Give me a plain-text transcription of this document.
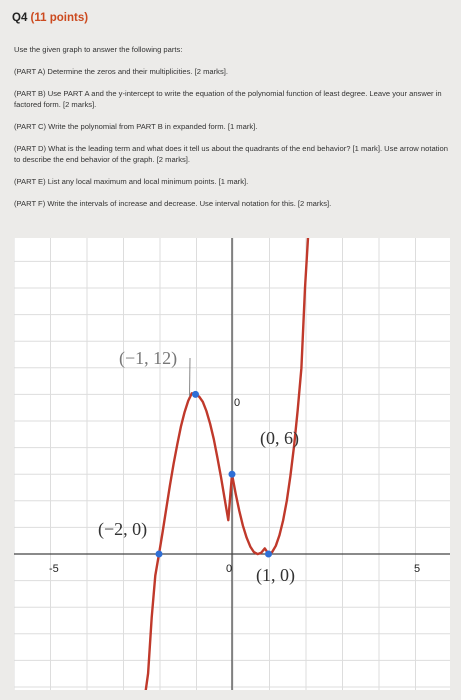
Q4 (11 points)

Use the given graph to answer the following parts:

(PART A) Determine the zeros and their multiplicities. [2 marks].

(PART B) Use PART A and the y-intercept to write the equation of the polynomial function of least degree. Leave your answer in factored form. [2 marks].

(PART C) Write the polynomial from PART B in expanded form. [1 mark].

(PART D) What is the leading term and what does it tell us about the quadrants of the end behavior? [1 mark]. Use arrow notation to describe the end behavior of the graph. [2 marks].

(PART E) List any local maximum and local minimum points. [1 mark].

(PART F) Write the intervals of increase and decrease. Use interval notation for this. [2 marks].

(−1, 12)
(0, 6)
(−2, 0)
(1, 0)
-5	0	5
0
